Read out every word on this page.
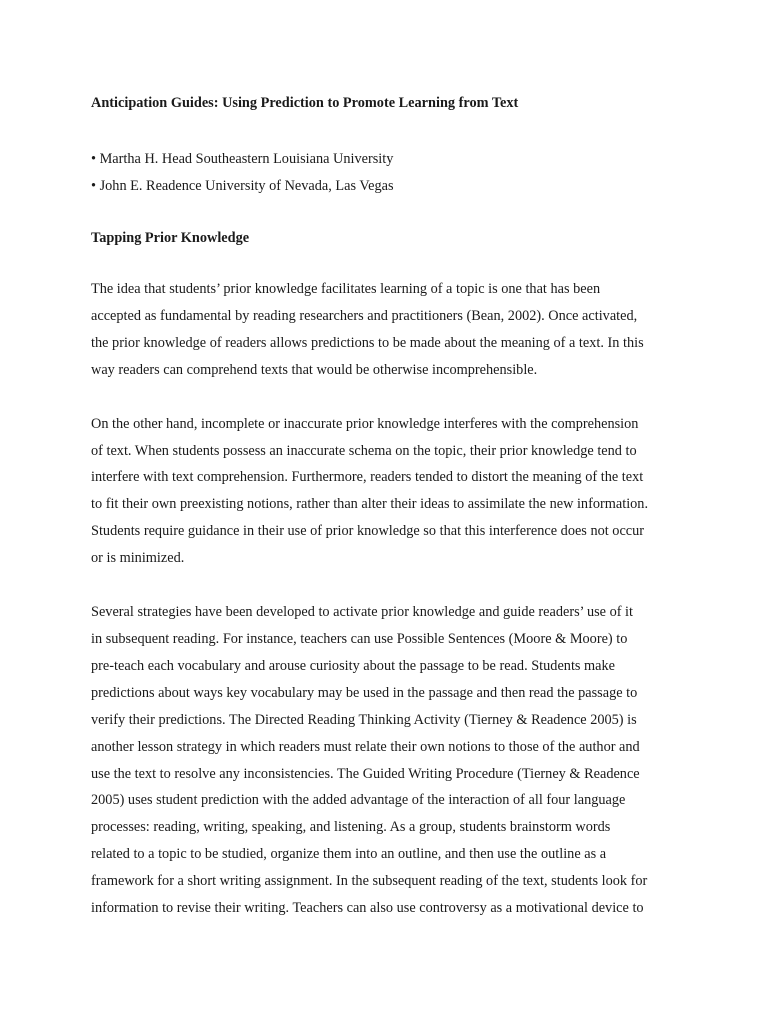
Anticipation Guides: Using Prediction to Promote Learning from Text
• Martha H. Head Southeastern Louisiana University
• John E. Readence University of Nevada, Las Vegas
Tapping Prior Knowledge
The idea that students’ prior knowledge facilitates learning of a topic is one that has been
accepted as fundamental by reading researchers and practitioners (Bean, 2002). Once activated,
the prior knowledge of readers allows predictions to be made about the meaning of a text. In this
way readers can comprehend texts that would be otherwise incomprehensible.
On the other hand, incomplete or inaccurate prior knowledge interferes with the comprehension
of text. When students possess an inaccurate schema on the topic, their prior knowledge tend to
interfere with text comprehension. Furthermore, readers tended to distort the meaning of the text
to fit their own preexisting notions, rather than alter their ideas to assimilate the new information.
Students require guidance in their use of prior knowledge so that this interference does not occur
or is minimized.
Several strategies have been developed to activate prior knowledge and guide readers’ use of it
in subsequent reading. For instance, teachers can use Possible Sentences (Moore & Moore) to
pre-teach each vocabulary and arouse curiosity about the passage to be read. Students make
predictions about ways key vocabulary may be used in the passage and then read the passage to
verify their predictions. The Directed Reading Thinking Activity (Tierney & Readence 2005) is
another lesson strategy in which readers must relate their own notions to those of the author and
use the text to resolve any inconsistencies. The Guided Writing Procedure (Tierney & Readence
2005) uses student prediction with the added advantage of the interaction of all four language
processes: reading, writing, speaking, and listening. As a group, students brainstorm words
related to a topic to be studied, organize them into an outline, and then use the outline as a
framework for a short writing assignment. In the subsequent reading of the text, students look for
information to revise their writing. Teachers can also use controversy as a motivational device to
